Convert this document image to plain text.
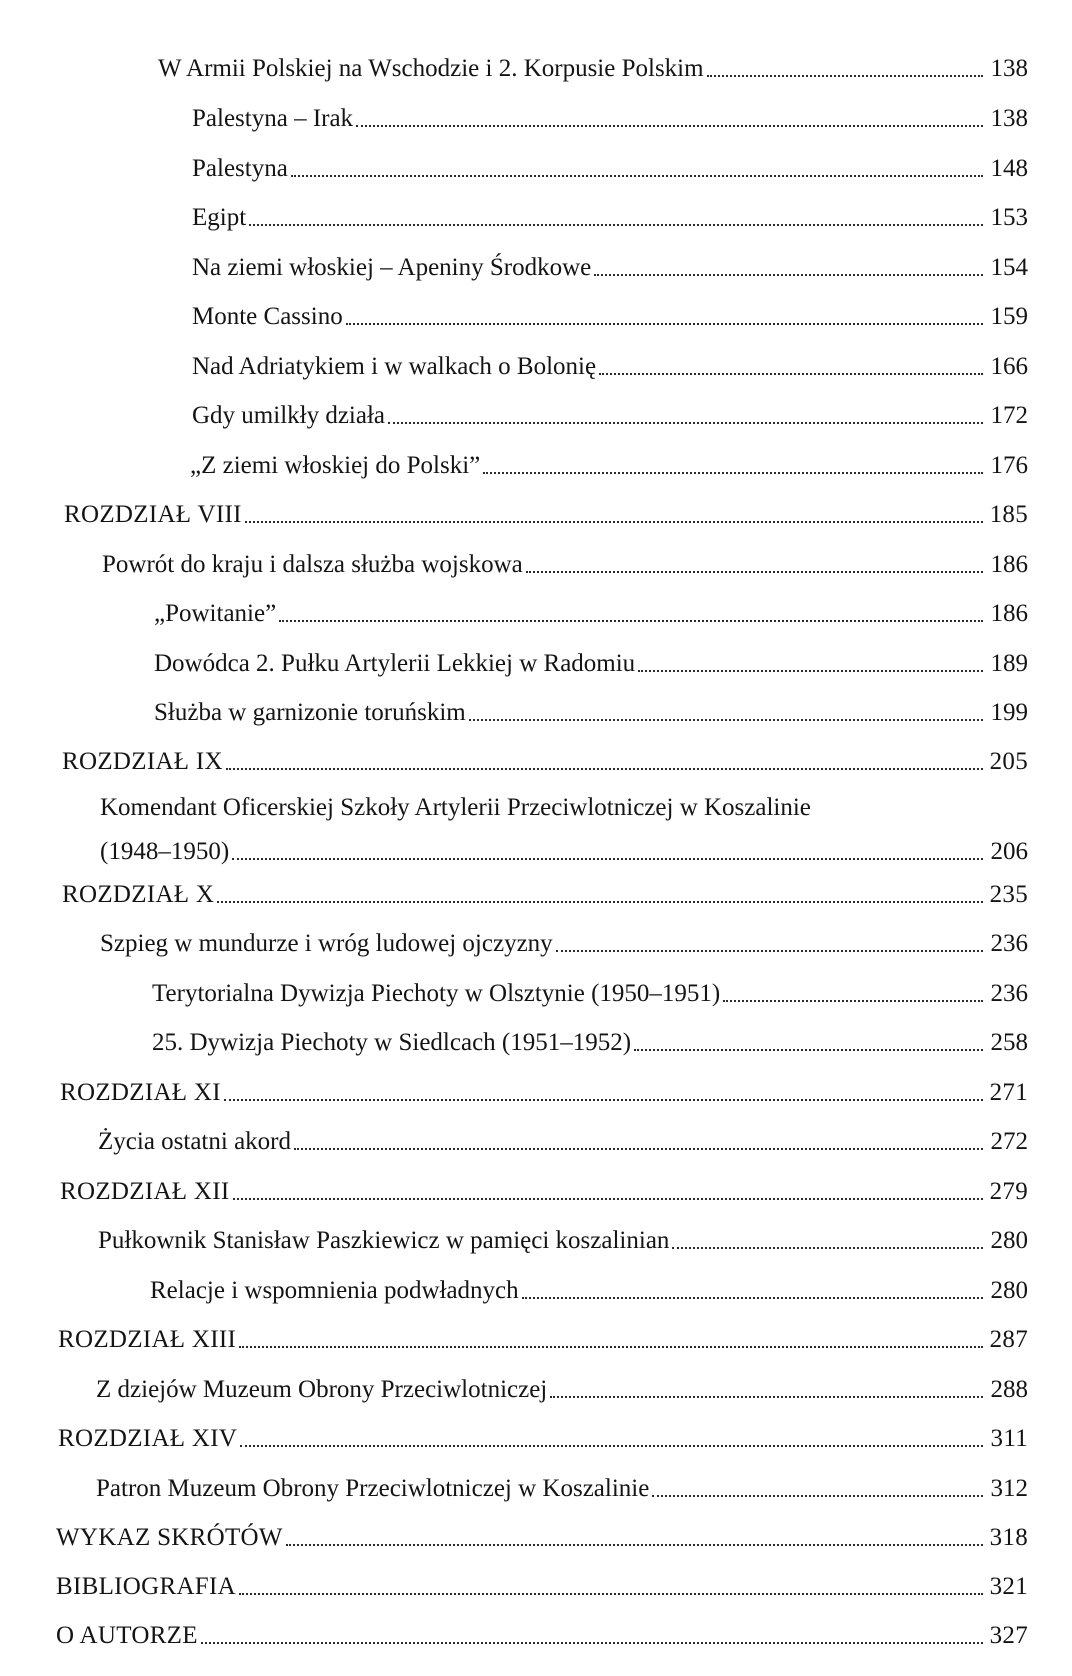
W Armii Polskiej na Wschodzie i 2. Korpusie Polskim	138
Palestyna – Irak	138
Palestyna	148
Egipt	153
Na ziemi włoskiej – Apeniny Środkowe	154
Monte Cassino	159
Nad Adriatykiem i w walkach o Bolonię	166
Gdy umilkły działa	172
„Z ziemi włoskiej do Polski”	176
ROZDZIAŁ VIII	185
Powrót do kraju i dalsza służba wojskowa	186
„Powitanie”	186
Dowódca 2. Pułku Artylerii Lekkiej w Radomiu	189
Służba w garnizonie toruńskim	199
ROZDZIAŁ IX	205
Komendant Oficerskiej Szkoły Artylerii Przeciwlotniczej w Koszalinie
(1948–1950)	206
ROZDZIAŁ X	235
Szpieg w mundurze i wróg ludowej ojczyzny	236
Terytorialna Dywizja Piechoty w Olsztynie (1950–1951)	236
25. Dywizja Piechoty w Siedlcach (1951–1952)	258
ROZDZIAŁ XI	271
Życia ostatni akord	272
ROZDZIAŁ XII	279
Pułkownik Stanisław Paszkiewicz w pamięci koszalinian	280
Relacje i wspomnienia podwładnych	280
ROZDZIAŁ XIII	287
Z dziejów Muzeum Obrony Przeciwlotniczej	288
ROZDZIAŁ XIV	311
Patron Muzeum Obrony Przeciwlotniczej w Koszalinie	312
WYKAZ SKRÓTÓW	318
BIBLIOGRAFIA	321
O AUTORZE	327
